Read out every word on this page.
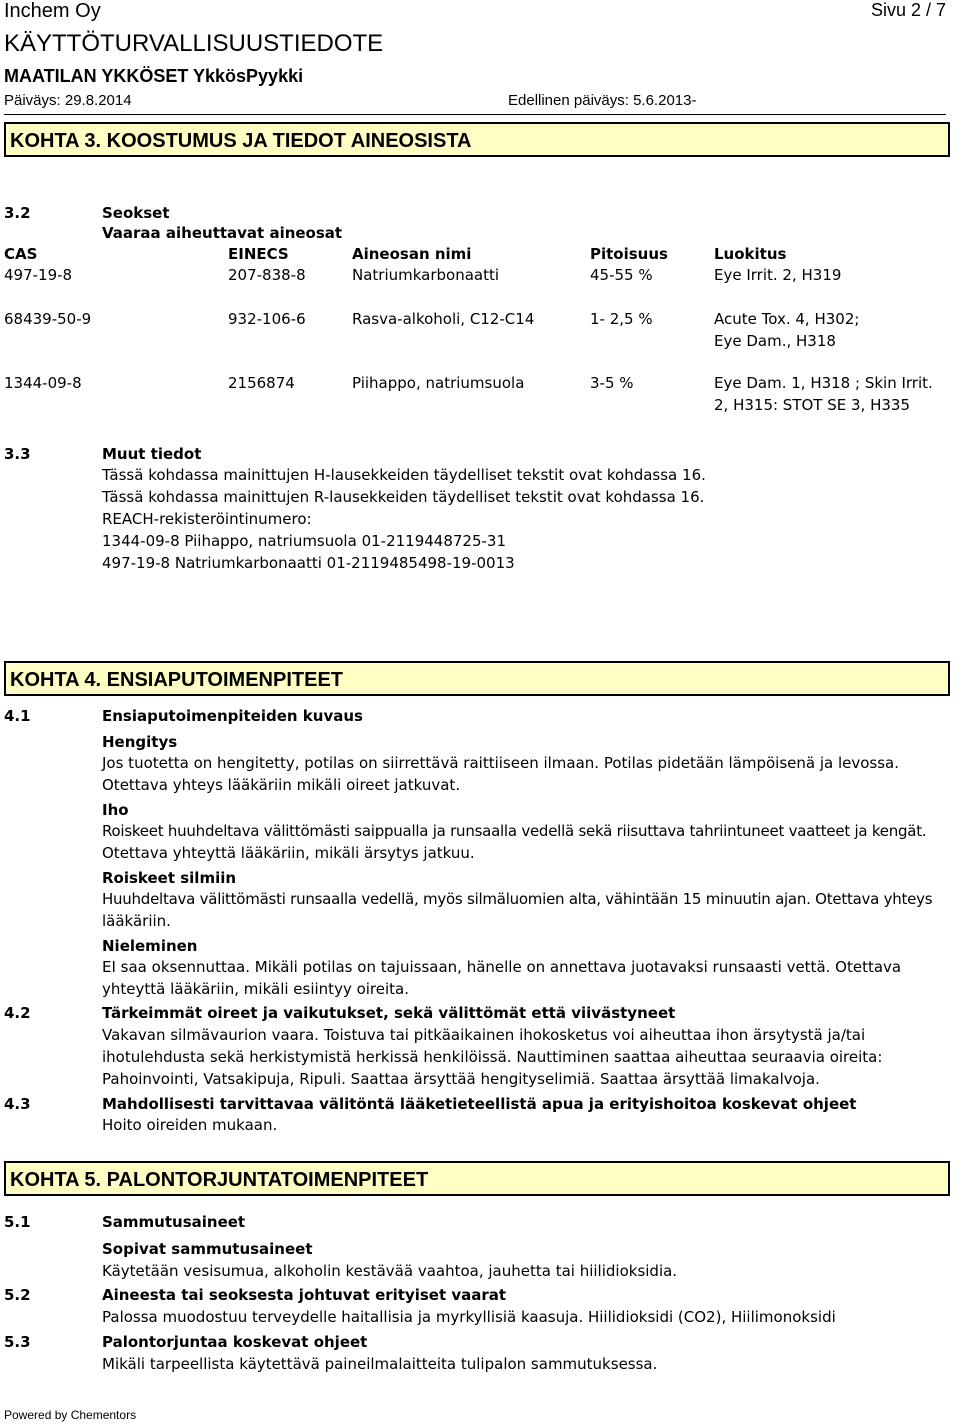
Inchem Oy	Sivu 2 / 7
KÄYTTÖTURVALLISUUSTIEDOTE
MAATILAN YKKÖSET YkkösPyykki
Päiväys: 29.8.2014	Edellinen päiväys: 5.6.2013-
KOHTA 3. KOOSTUMUS JA TIEDOT AINEOSISTA
3.2	Seokset
Vaaraa aiheuttavat aineosat
CAS	EINECS	Aineosan nimi	Pitoisuus	Luokitus
497-19-8	207-838-8	Natriumkarbonaatti	45-55 %	Eye Irrit. 2, H319
68439-50-9	932-106-6	Rasva-alkoholi, C12-C14	1- 2,5 %	Acute Tox. 4, H302;
Eye Dam., H318
1344-09-8	2156874	Piihappo, natriumsuola	3-5 %	Eye Dam. 1, H318 ; Skin Irrit.
2, H315: STOT SE 3, H335
3.3	Muut tiedot
Tässä kohdassa mainittujen H-lausekkeiden täydelliset tekstit ovat kohdassa 16.
Tässä kohdassa mainittujen R-lausekkeiden täydelliset tekstit ovat kohdassa 16.
REACH-rekisteröintinumero:
1344-09-8 Piihappo, natriumsuola 01-2119448725-31
497-19-8 Natriumkarbonaatti 01-2119485498-19-0013
KOHTA 4. ENSIAPUTOIMENPITEET
4.1	Ensiaputoimenpiteiden kuvaus
Hengitys
Jos tuotetta on hengitetty, potilas on siirrettävä raittiiseen ilmaan. Potilas pidetään lämpöisenä ja levossa.
Otettava yhteys lääkäriin mikäli oireet jatkuvat.
Iho
Roiskeet huuhdeltava välittömästi saippualla ja runsaalla vedellä sekä riisuttava tahriintuneet vaatteet ja kengät.
Otettava yhteyttä lääkäriin, mikäli ärsytys jatkuu.
Roiskeet silmiin
Huuhdeltava välittömästi runsaalla vedellä, myös silmäluomien alta, vähintään 15 minuutin ajan. Otettava yhteys
lääkäriin.
Nieleminen
EI saa oksennuttaa. Mikäli potilas on tajuissaan, hänelle on annettava juotavaksi runsaasti vettä. Otettava
yhteyttä lääkäriin, mikäli esiintyy oireita.
4.2	Tärkeimmät oireet ja vaikutukset, sekä välittömät että viivästyneet
Vakavan silmävaurion vaara. Toistuva tai pitkäaikainen ihokosketus voi aiheuttaa ihon ärsytystä ja/tai
ihotulehdusta sekä herkistymistä herkissä henkilöissä. Nauttiminen saattaa aiheuttaa seuraavia oireita:
Pahoinvointi, Vatsakipuja, Ripuli. Saattaa ärsyttää hengityselimiä. Saattaa ärsyttää limakalvoja.
4.3	Mahdollisesti tarvittavaa välitöntä lääketieteellistä apua ja erityishoitoa koskevat ohjeet
Hoito oireiden mukaan.
KOHTA 5. PALONTORJUNTATOIMENPITEET
5.1	Sammutusaineet
Sopivat sammutusaineet
Käytetään vesisumua, alkoholin kestävää vaahtoa, jauhetta tai hiilidioksidia.
5.2	Aineesta tai seoksesta johtuvat erityiset vaarat
Palossa muodostuu terveydelle haitallisia ja myrkyllisiä kaasuja. Hiilidioksidi (CO2), Hiilimonoksidi
5.3	Palontorjuntaa koskevat ohjeet
Mikäli tarpeellista käytettävä paineilmalaitteita tulipalon sammutuksessa.
Powered by Chementors
